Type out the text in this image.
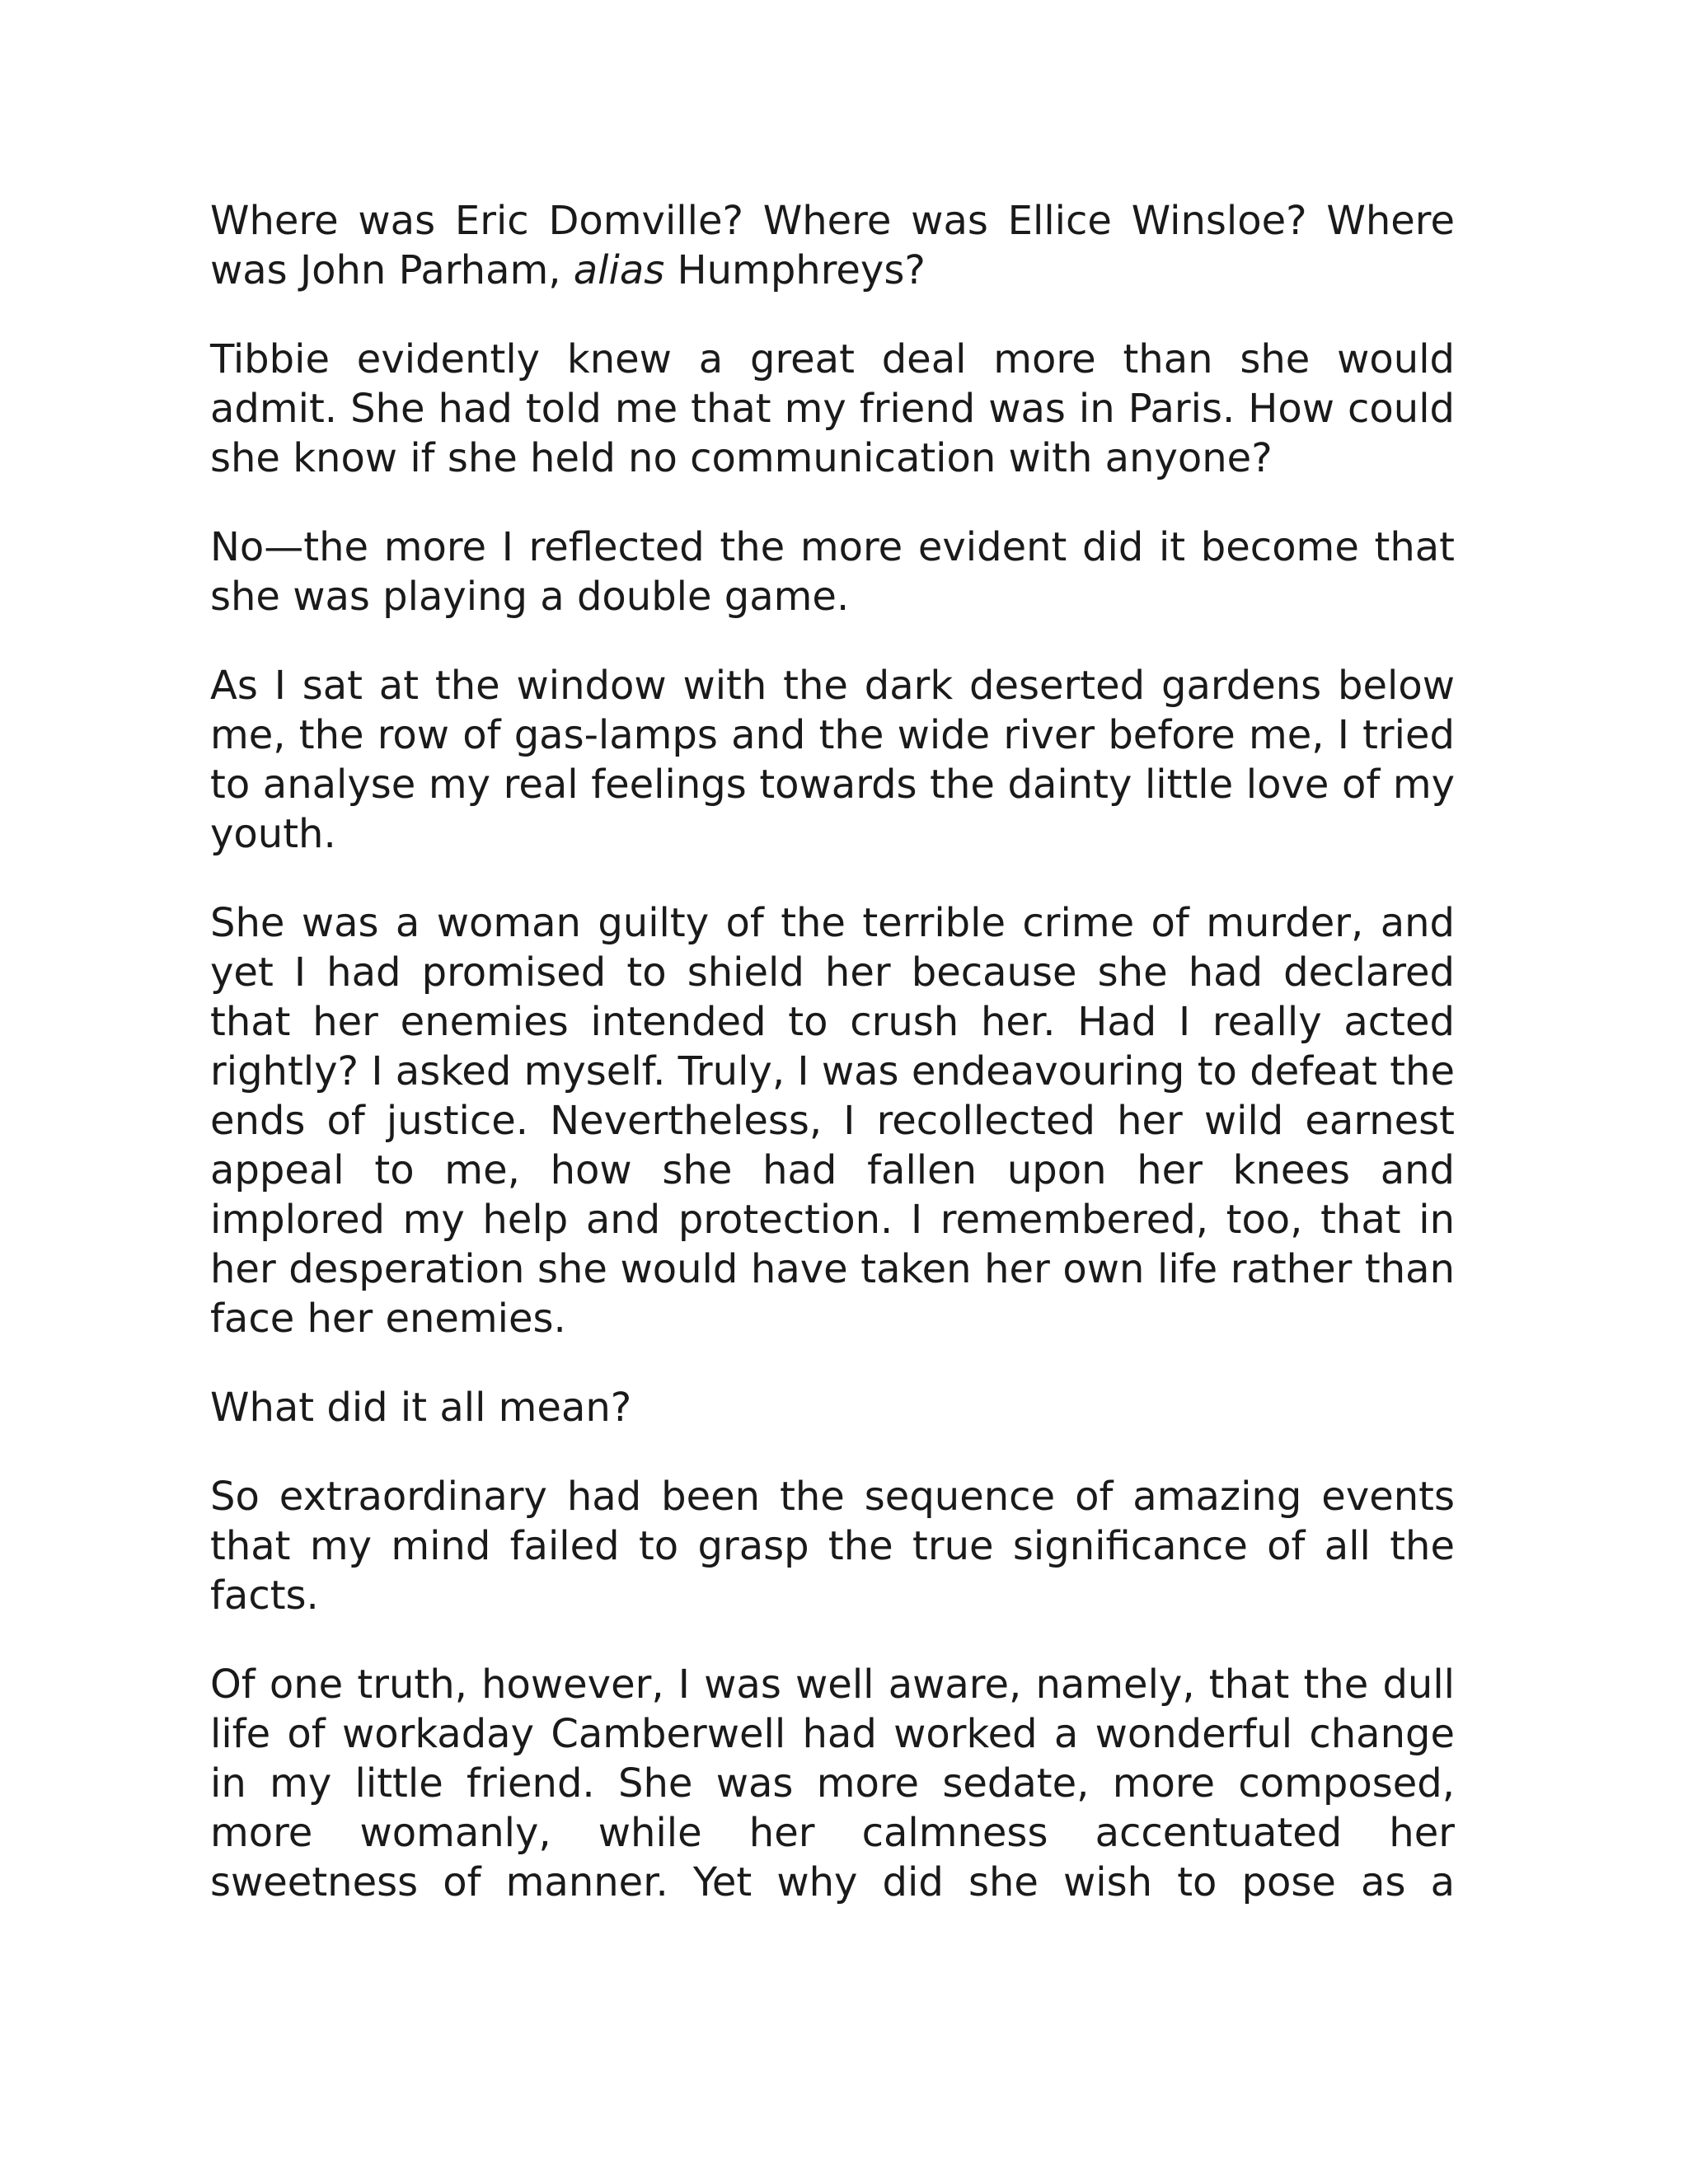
Where was Eric Domville? Where was Ellice Winsloe? Where was John Parham, alias Humphreys?

Tibbie evidently knew a great deal more than she would admit. She had told me that my friend was in Paris. How could she know if she held no communication with anyone?

No—the more I reflected the more evident did it become that she was playing a double game.

As I sat at the window with the dark deserted gardens below me, the row of gas-lamps and the wide river before me, I tried to analyse my real feelings towards the dainty little love of my youth.

She was a woman guilty of the terrible crime of murder, and yet I had promised to shield her because she had declared that her enemies intended to crush her. Had I really acted rightly? I asked myself. Truly, I was endeavouring to defeat the ends of justice. Nevertheless, I recollected her wild earnest appeal to me, how she had fallen upon her knees and implored my help and protection. I remembered, too, that in her desperation she would have taken her own life rather than face her enemies.

What did it all mean?

So extraordinary had been the sequence of amazing events that my mind failed to grasp the true significance of all the facts.

Of one truth, however, I was well aware, namely, that the dull life of workaday Camberwell had worked a wonderful change in my little friend. She was more sedate, more composed, more womanly, while her calmness accentuated her sweetness of manner. Yet why did she wish to pose as a
